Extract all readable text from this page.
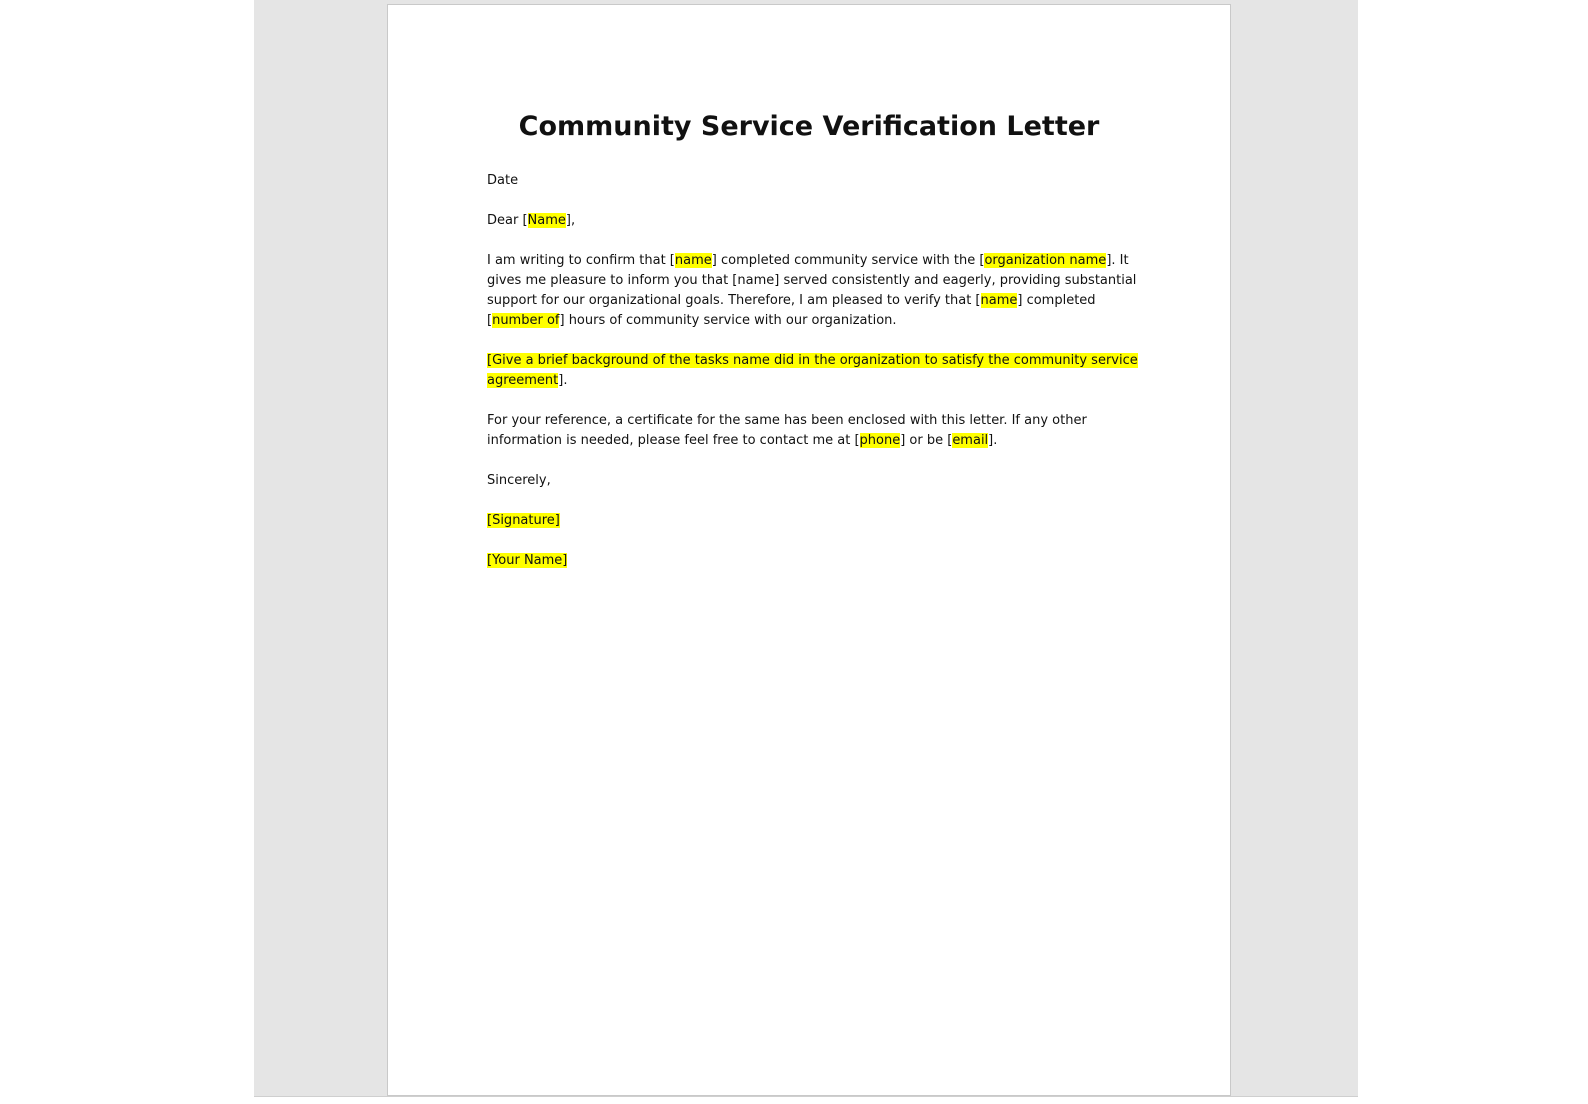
Community Service Verification Letter

Date

Dear [Name],

I am writing to confirm that [name] completed community service with the [organization name]. It gives me pleasure to inform you that [name] served consistently and eagerly, providing substantial support for our organizational goals. Therefore, I am pleased to verify that [name] completed [number of] hours of community service with our organization.

[Give a brief background of the tasks name did in the organization to satisfy the community service agreement].

For your reference, a certificate for the same has been enclosed with this letter. If any other information is needed, please feel free to contact me at [phone] or be [email].

Sincerely,

[Signature]

[Your Name]
